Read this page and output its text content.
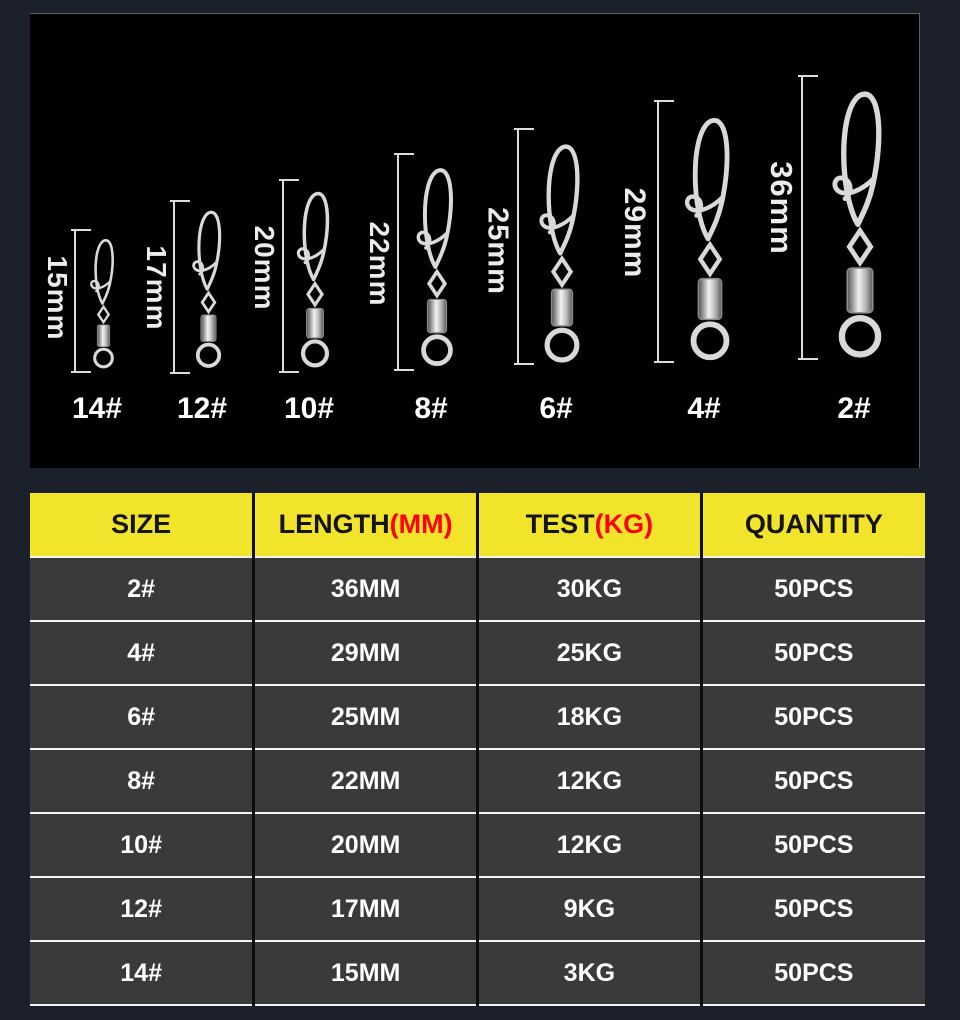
15mm
14#
17mm
12#
20mm
10#
22mm
8#
25mm
6#
29mm
4#
36mm
2#
SIZE	LENGTH(MM)	TEST(KG)	QUANTITY
2#	36MM	30KG	50PCS
4#	29MM	25KG	50PCS
6#	25MM	18KG	50PCS
8#	22MM	12KG	50PCS
10#	20MM	12KG	50PCS
12#	17MM	9KG	50PCS
14#	15MM	3KG	50PCS
